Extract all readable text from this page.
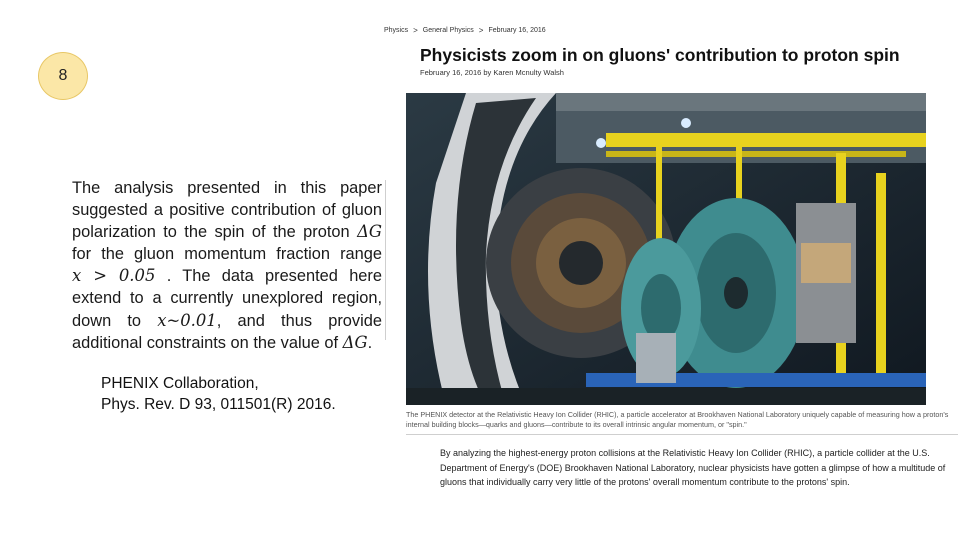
8
The analysis presented in this paper
suggested a positive contribution of gluon
polarization to the spin of the proton ΔG
for the gluon momentum fraction range
x > 0.05 . The data presented here
extend to a currently unexplored region,
down to x~0.01, and thus provide
additional constraints on the value of ΔG.
PHENIX Collaboration,
Phys. Rev. D 93, 011501(R) 2016.
Physics > General Physics > February 16, 2016
Physicists zoom in on gluons' contribution to proton spin
February 16, 2016 by Karen Mcnulty Walsh
The PHENIX detector at the Relativistic Heavy Ion Collider (RHIC), a particle accelerator at Brookhaven National Laboratory uniquely capable of measuring how a proton's internal building blocks—quarks and gluons—contribute to its overall intrinsic angular momentum, or "spin."
By analyzing the highest-energy proton collisions at the Relativistic Heavy Ion Collider (RHIC), a particle collider at the U.S. Department of Energy's (DOE) Brookhaven National Laboratory, nuclear physicists have gotten a glimpse of how a multitude of gluons that individually carry very little of the protons' overall momentum contribute to the protons' spin.
